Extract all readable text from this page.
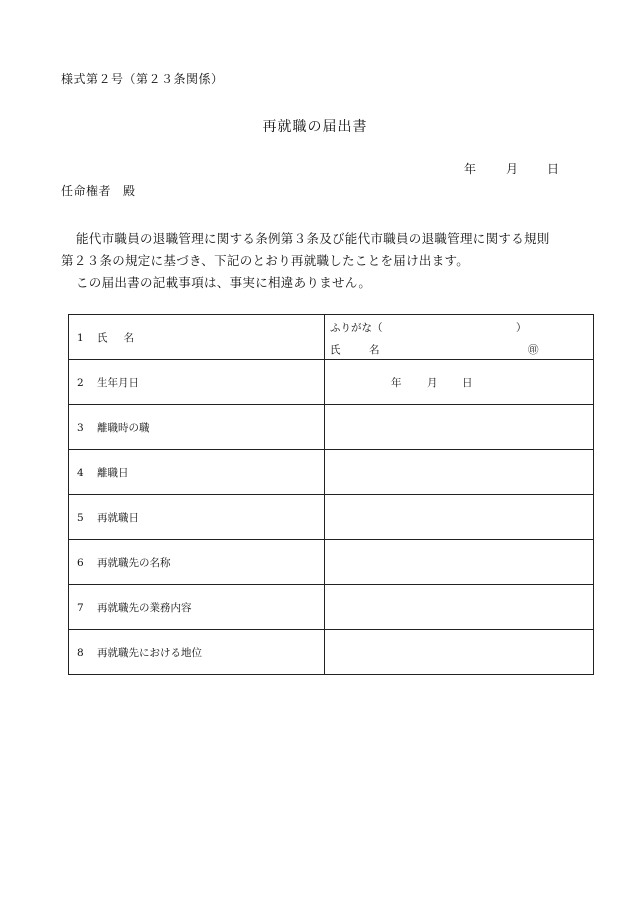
様式第２号（第２３条関係）
再就職の届出書
年 月 日
任命権者 殿
能代市職員の退職管理に関する条例第３条及び能代市職員の退職管理に関する規則
第２３条の規定に基づき、下記のとおり再就職したことを届け出ます。
この届出書の記載事項は、事実に相違ありません。
1 氏 名	ふりがな（ ）
氏 名 ㊞

2 生年月日	年 月 日

3 離職時の職	
4 離職日	
5 再就職日	
6 再就職先の名称	
7 再就職先の業務内容	
8 再就職先における地位	
